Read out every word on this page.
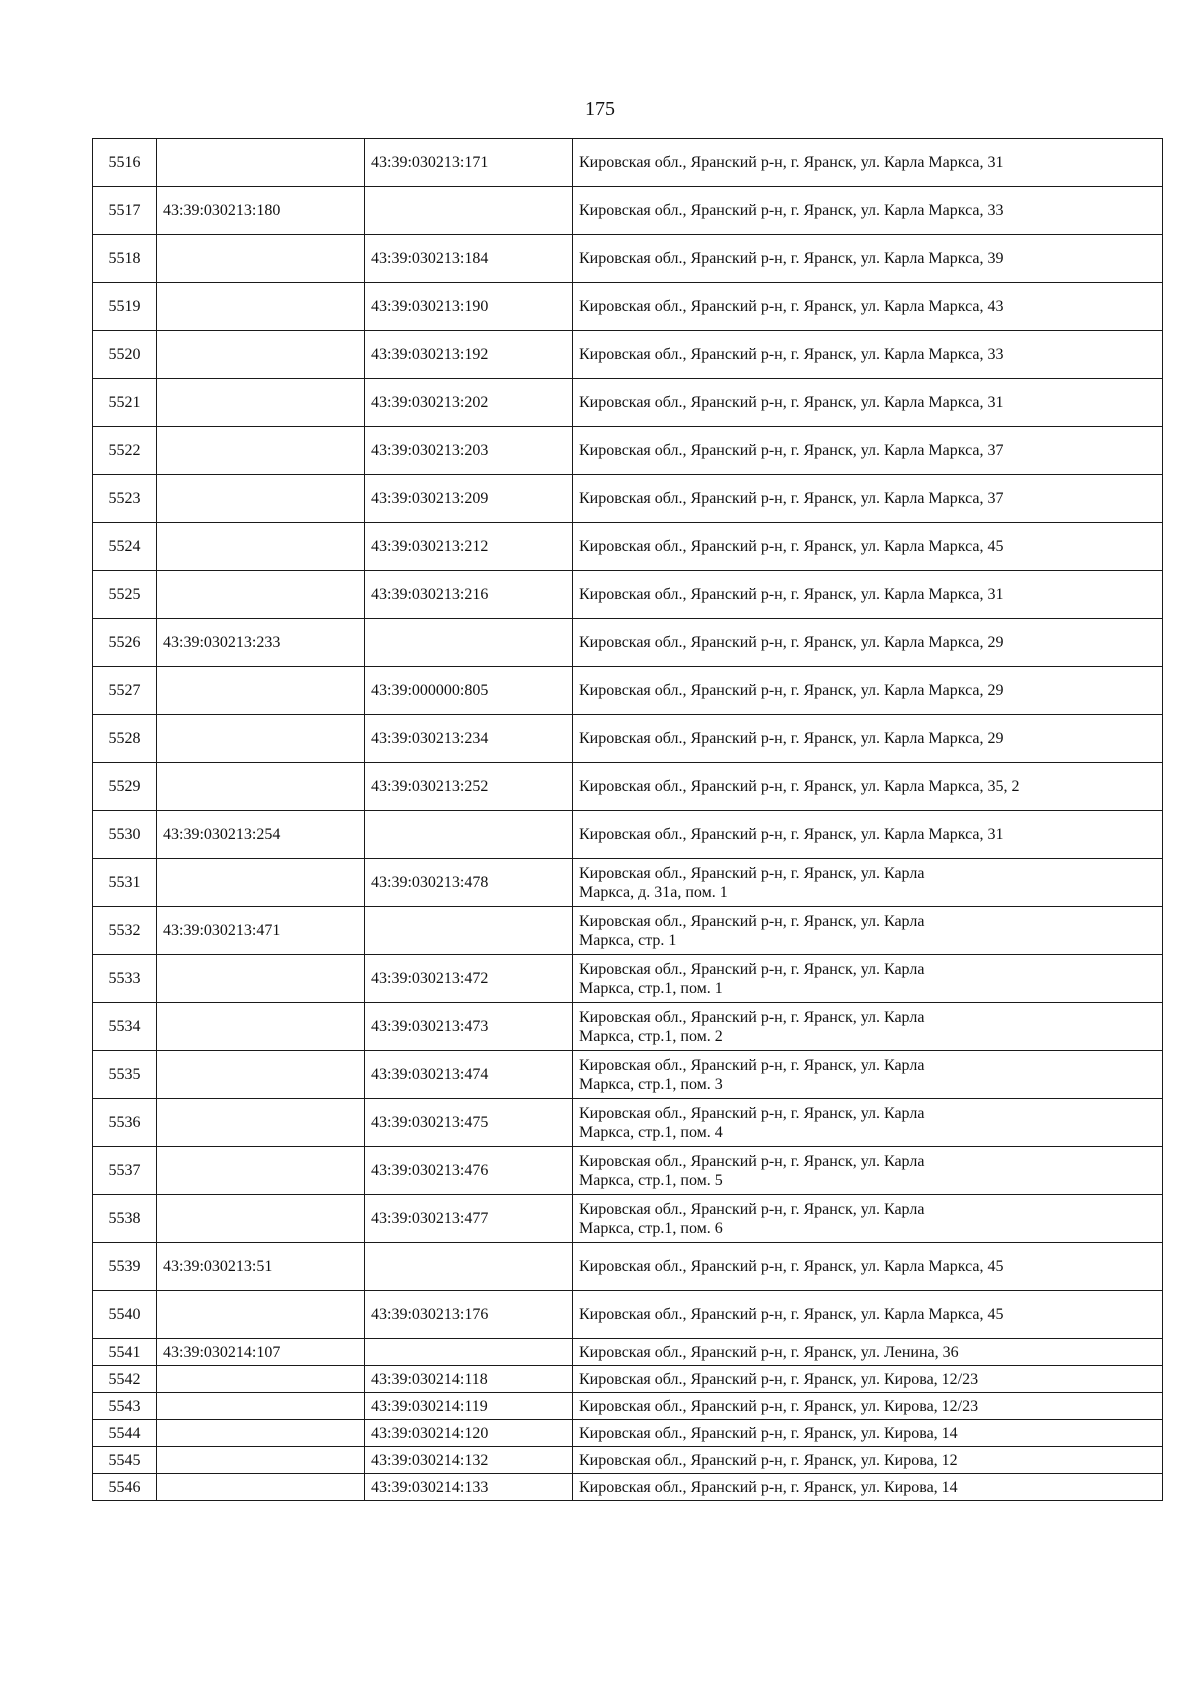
175
5516		43:39:030213:171	Кировская обл., Яранский р-н, г. Яранск, ул. Карла Маркса, 31
5517	43:39:030213:180		Кировская обл., Яранский р-н, г. Яранск, ул. Карла Маркса, 33
5518		43:39:030213:184	Кировская обл., Яранский р-н, г. Яранск, ул. Карла Маркса, 39
5519		43:39:030213:190	Кировская обл., Яранский р-н, г. Яранск, ул. Карла Маркса, 43
5520		43:39:030213:192	Кировская обл., Яранский р-н, г. Яранск, ул. Карла Маркса, 33
5521		43:39:030213:202	Кировская обл., Яранский р-н, г. Яранск, ул. Карла Маркса, 31
5522		43:39:030213:203	Кировская обл., Яранский р-н, г. Яранск, ул. Карла Маркса, 37
5523		43:39:030213:209	Кировская обл., Яранский р-н, г. Яранск, ул. Карла Маркса, 37
5524		43:39:030213:212	Кировская обл., Яранский р-н, г. Яранск, ул. Карла Маркса, 45
5525		43:39:030213:216	Кировская обл., Яранский р-н, г. Яранск, ул. Карла Маркса, 31
5526	43:39:030213:233		Кировская обл., Яранский р-н, г. Яранск, ул. Карла Маркса, 29
5527		43:39:000000:805	Кировская обл., Яранский р-н, г. Яранск, ул. Карла Маркса, 29
5528		43:39:030213:234	Кировская обл., Яранский р-н, г. Яранск, ул. Карла Маркса, 29
5529		43:39:030213:252	Кировская обл., Яранский р-н, г. Яранск, ул. Карла Маркса, 35, 2
5530	43:39:030213:254		Кировская обл., Яранский р-н, г. Яранск, ул. Карла Маркса, 31
5531		43:39:030213:478	Кировская обл., Яранский р-н, г. Яранск, ул. Карла
Маркса, д. 31а, пом. 1

5532	43:39:030213:471		Кировская обл., Яранский р-н, г. Яранск, ул. Карла
Маркса, стр. 1

5533		43:39:030213:472	Кировская обл., Яранский р-н, г. Яранск, ул. Карла
Маркса, стр.1, пом. 1

5534		43:39:030213:473	Кировская обл., Яранский р-н, г. Яранск, ул. Карла
Маркса, стр.1, пом. 2

5535		43:39:030213:474	Кировская обл., Яранский р-н, г. Яранск, ул. Карла
Маркса, стр.1, пом. 3

5536		43:39:030213:475	Кировская обл., Яранский р-н, г. Яранск, ул. Карла
Маркса, стр.1, пом. 4

5537		43:39:030213:476	Кировская обл., Яранский р-н, г. Яранск, ул. Карла
Маркса, стр.1, пом. 5

5538		43:39:030213:477	Кировская обл., Яранский р-н, г. Яранск, ул. Карла
Маркса, стр.1, пом. 6

5539	43:39:030213:51		Кировская обл., Яранский р-н, г. Яранск, ул. Карла Маркса, 45
5540		43:39:030213:176	Кировская обл., Яранский р-н, г. Яранск, ул. Карла Маркса, 45
5541	43:39:030214:107		Кировская обл., Яранский р-н, г. Яранск, ул. Ленина, 36
5542		43:39:030214:118	Кировская обл., Яранский р-н, г. Яранск, ул. Кирова, 12/23
5543		43:39:030214:119	Кировская обл., Яранский р-н, г. Яранск, ул. Кирова, 12/23
5544		43:39:030214:120	Кировская обл., Яранский р-н, г. Яранск, ул. Кирова, 14
5545		43:39:030214:132	Кировская обл., Яранский р-н, г. Яранск, ул. Кирова, 12
5546		43:39:030214:133	Кировская обл., Яранский р-н, г. Яранск, ул. Кирова, 14
